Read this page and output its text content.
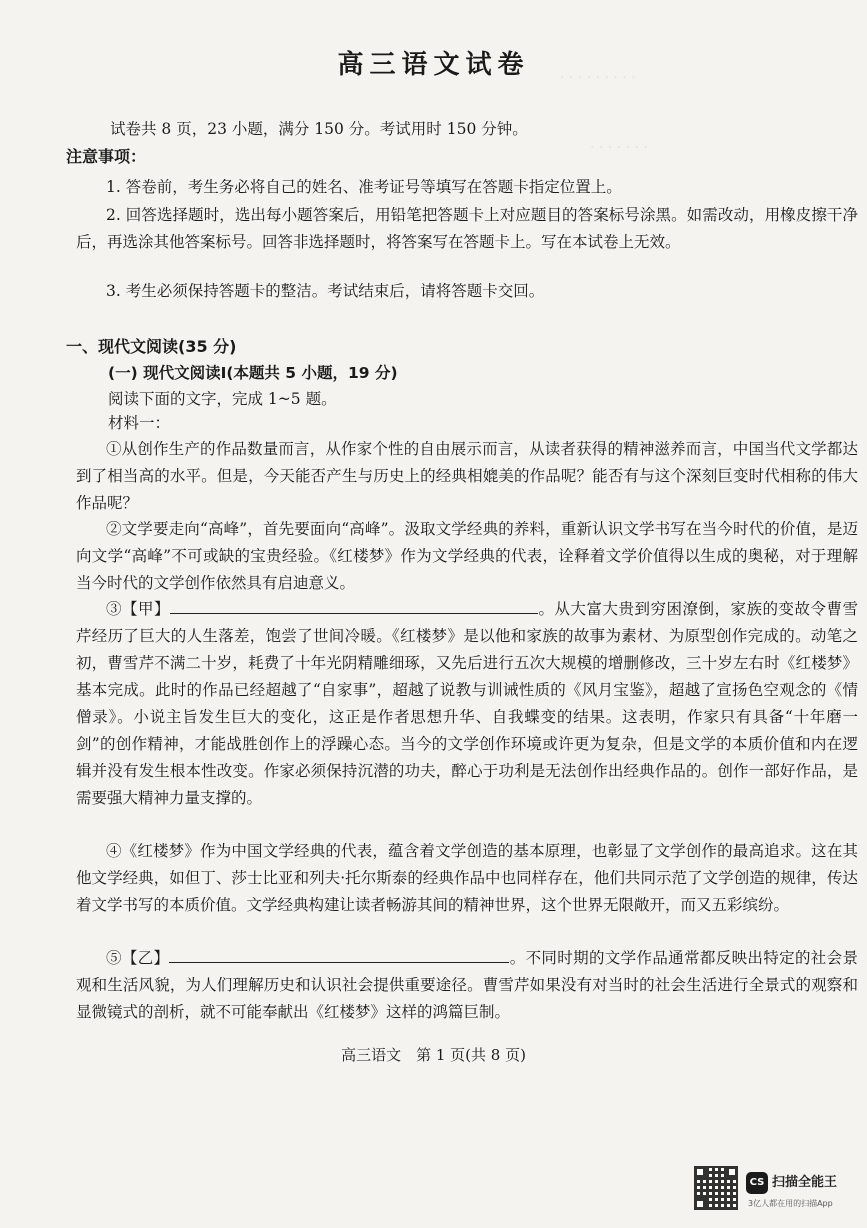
· · · · · · · · ·
· · · · · · ·
高三语文试卷
试卷共 8 页，23 小题，满分 150 分。考试用时 150 分钟。
注意事项：
1. 答卷前，考生务必将自己的姓名、准考证号等填写在答题卡指定位置上。
2. 回答选择题时，选出每小题答案后，用铅笔把答题卡上对应题目的答案标号涂黑。如需改动，用橡皮擦干净后，再选涂其他答案标号。回答非选择题时，将答案写在答题卡上。写在本试卷上无效。
3. 考生必须保持答题卡的整洁。考试结束后，请将答题卡交回。
一、现代文阅读(35 分)
(一) 现代文阅读Ⅰ(本题共 5 小题，19 分)
阅读下面的文字，完成 1~5 题。
材料一：
①从创作生产的作品数量而言，从作家个性的自由展示而言，从读者获得的精神滋养而言，中国当代文学都达到了相当高的水平。但是，今天能否产生与历史上的经典相媲美的作品呢？能否有与这个深刻巨变时代相称的伟大作品呢？
②文学要走向“高峰”，首先要面向“高峰”。汲取文学经典的养料，重新认识文学书写在当今时代的价值，是迈向文学“高峰”不可或缺的宝贵经验。《红楼梦》作为文学经典的代表，诠释着文学价值得以生成的奥秘，对于理解当今时代的文学创作依然具有启迪意义。
③【甲】	。从大富大贵到穷困潦倒，家族的变故令曹雪芹经历了巨大的人生落差，饱尝了世间冷暖。《红楼梦》是以他和家族的故事为素材、为原型创作完成的。动笔之初，曹雪芹不满二十岁，耗费了十年光阴精雕细琢，又先后进行五次大规模的增删修改，三十岁左右时《红楼梦》基本完成。此时的作品已经超越了“自家事”，超越了说教与训诫性质的《风月宝鉴》，超越了宣扬色空观念的《情僧录》。小说主旨发生巨大的变化，这正是作者思想升华、自我蝶变的结果。这表明，作家只有具备“十年磨一剑”的创作精神，才能战胜创作上的浮躁心态。当今的文学创作环境或许更为复杂，但是文学的本质价值和内在逻辑并没有发生根本性改变。作家必须保持沉潜的功夫，醉心于功利是无法创作出经典作品的。创作一部好作品，是需要强大精神力量支撑的。
④《红楼梦》作为中国文学经典的代表，蕴含着文学创造的基本原理，也彰显了文学创作的最高追求。这在其他文学经典，如但丁、莎士比亚和列夫·托尔斯泰的经典作品中也同样存在，他们共同示范了文学创造的规律，传达着文学书写的本质价值。文学经典构建让读者畅游其间的精神世界，这个世界无限敞开，而又五彩缤纷。
⑤【乙】	。不同时期的文学作品通常都反映出特定的社会景观和生活风貌，为人们理解历史和认识社会提供重要途径。曹雪芹如果没有对当时的社会生活进行全景式的观察和显微镜式的剖析，就不可能奉献出《红楼梦》这样的鸿篇巨制。
高三语文　第 1 页(共 8 页)
CS 扫描全能王
3亿人都在用的扫描App
